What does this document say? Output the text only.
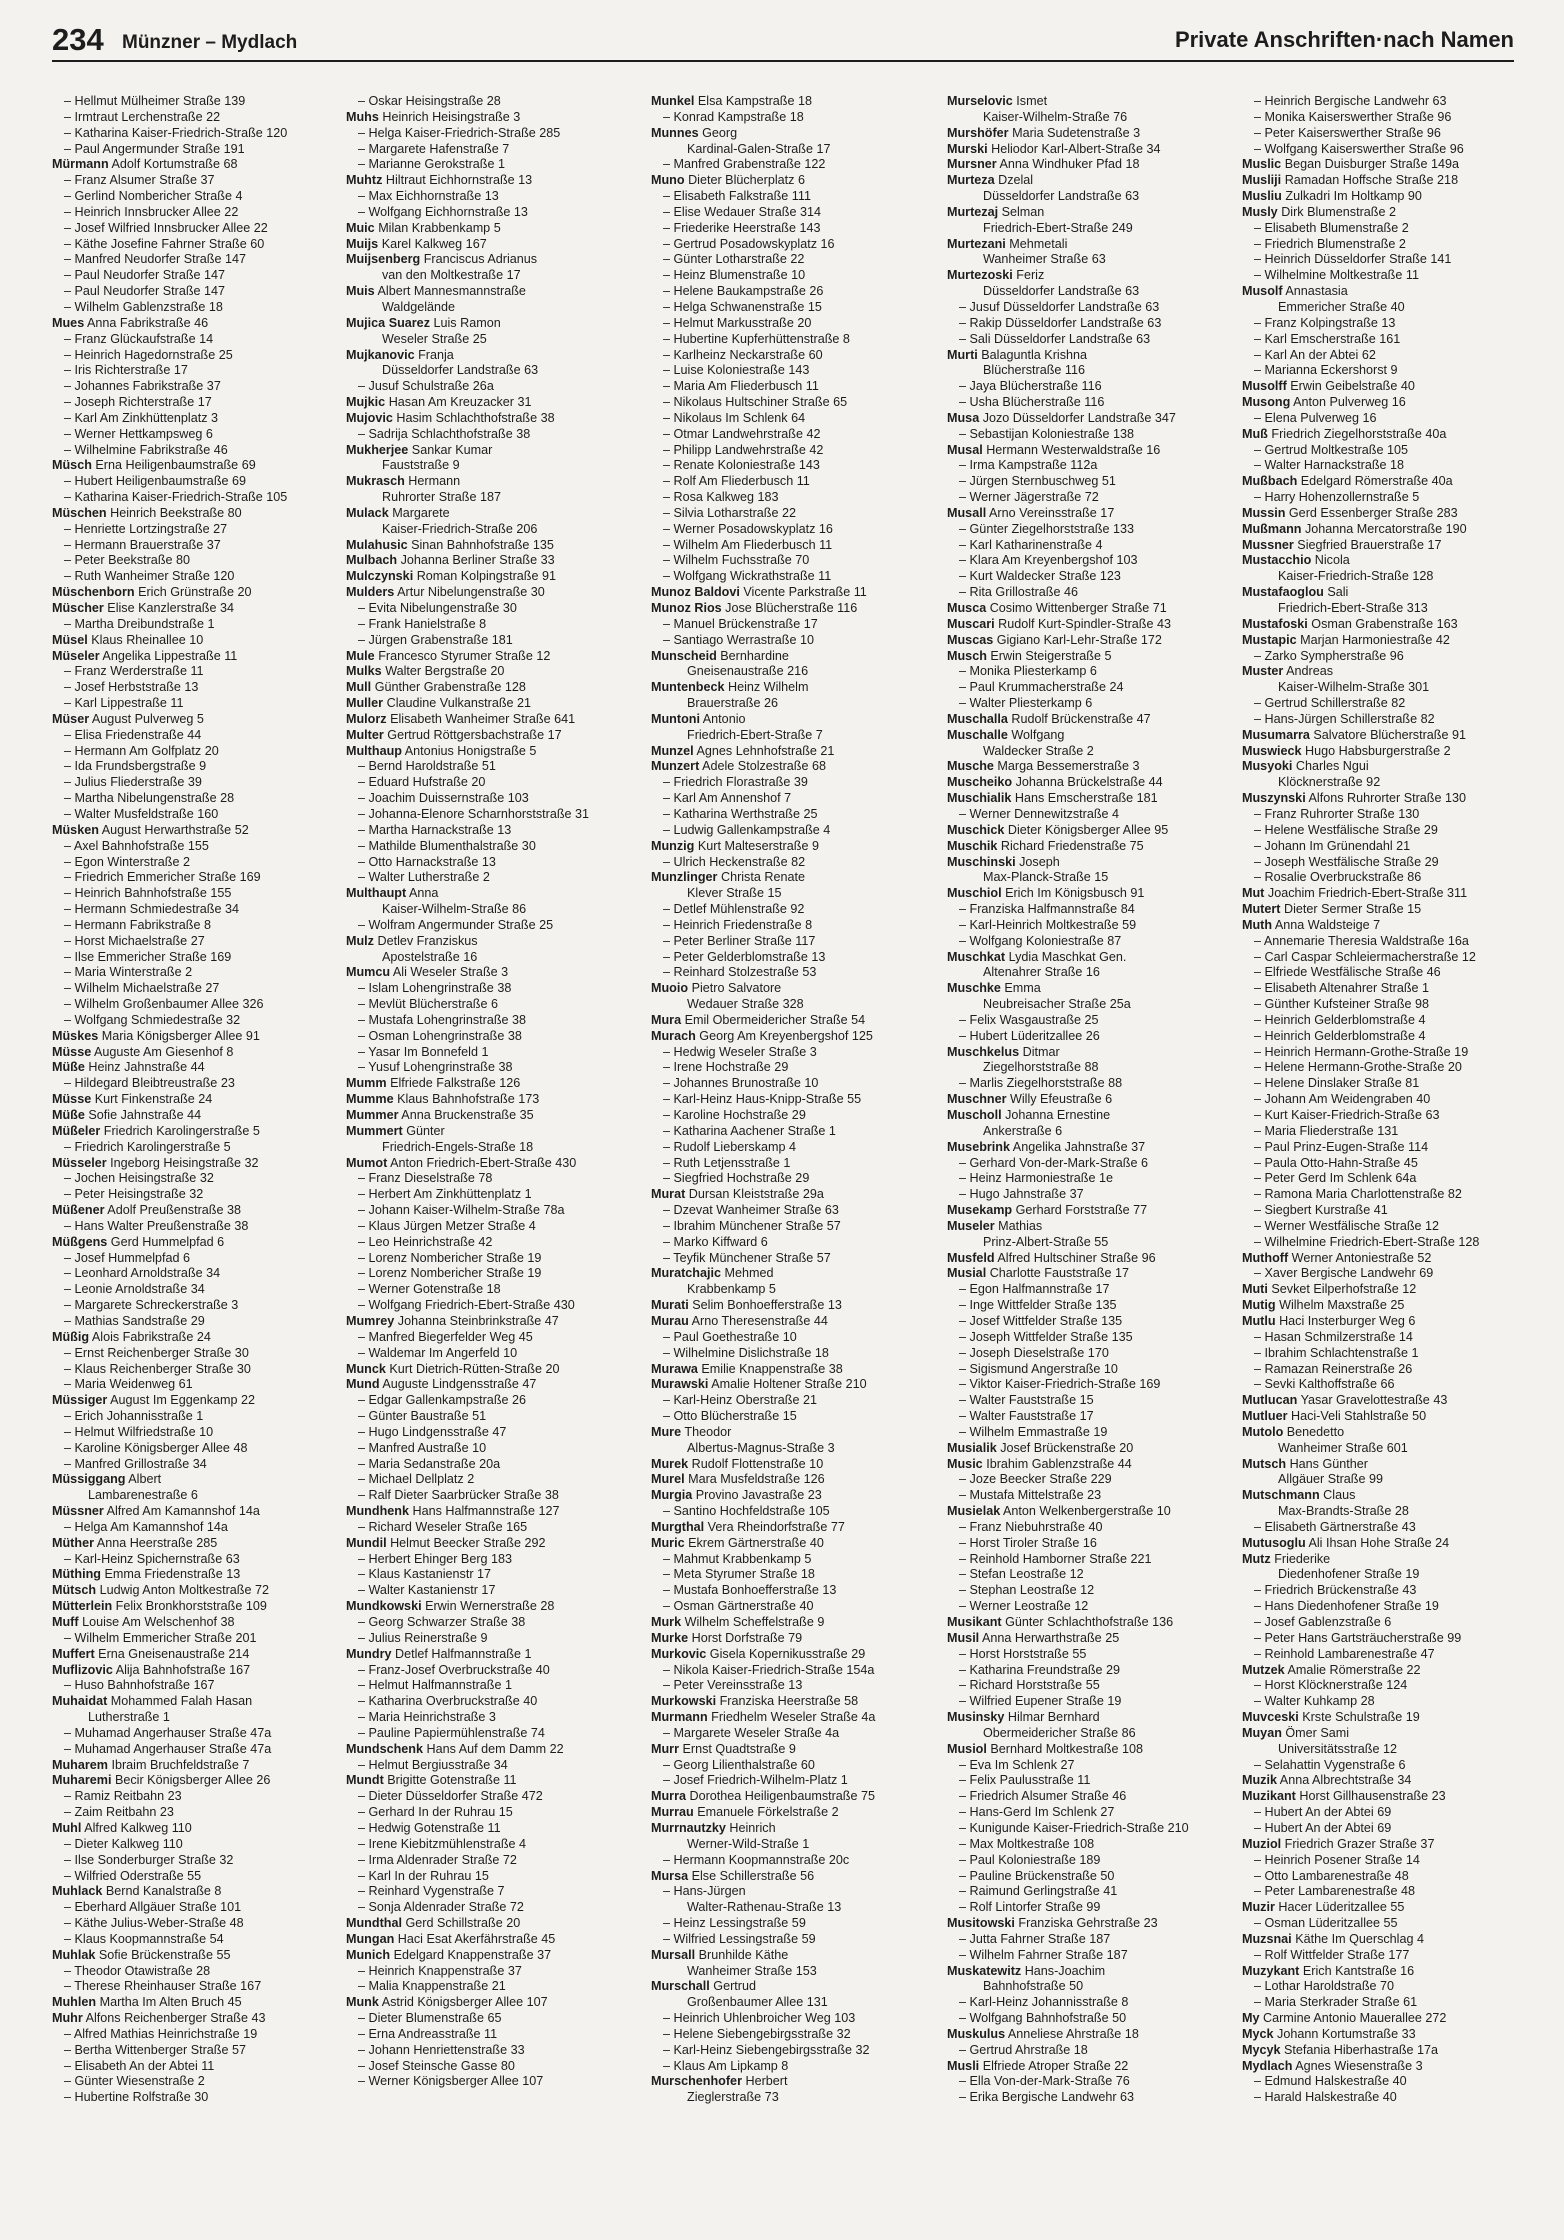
234 Münzner – Mydlach	Private Anschriften·nach Namen
– Hellmut Mülheimer Straße 139
– Irmtraut Lerchenstraße 22
– Katharina Kaiser-Friedrich-Straße 120
– Paul Angermunder Straße 191
Mürmann Adolf Kortumstraße 68
– Franz Alsumer Straße 37
– Gerlind Nombericher Straße 4
– Heinrich Innsbrucker Allee 22
– Josef Wilfried Innsbrucker Allee 22
– Käthe Josefine Fahrner Straße 60
– Manfred Neudorfer Straße 147
– Paul Neudorfer Straße 147
– Paul Neudorfer Straße 147
– Wilhelm Gablenzstraße 18
Mues Anna Fabrikstraße 46
– Franz Glückaufstraße 14
– Heinrich Hagedornstraße 25
– Iris Richterstraße 17
– Johannes Fabrikstraße 37
– Joseph Richterstraße 17
– Karl Am Zinkhüttenplatz 3
– Werner Hettkampsweg 6
– Wilhelmine Fabrikstraße 46
Müsch Erna Heiligenbaumstraße 69
– Hubert Heiligenbaumstraße 69
– Katharina Kaiser-Friedrich-Straße 105
Müschen Heinrich Beekstraße 80
– Henriette Lortzingstraße 27
– Hermann Brauerstraße 37
– Peter Beekstraße 80
– Ruth Wanheimer Straße 120
Müschenborn Erich Grünstraße 20
Müscher Elise Kanzlerstraße 34
– Martha Dreibundstraße 1
Müsel Klaus Rheinallee 10
Müseler Angelika Lippestraße 11
– Franz Werderstraße 11
– Josef Herbststraße 13
– Karl Lippestraße 11
Müser August Pulverweg 5
– Elisa Friedenstraße 44
– Hermann Am Golfplatz 20
– Ida Frundsbergstraße 9
– Julius Fliederstraße 39
– Martha Nibelungenstraße 28
– Walter Musfeldstraße 160
Müsken August Herwarthstraße 52
– Axel Bahnhofstraße 155
– Egon Winterstraße 2
– Friedrich Emmericher Straße 169
– Heinrich Bahnhofstraße 155
– Hermann Schmiedestraße 34
– Hermann Fabrikstraße 8
– Horst Michaelstraße 27
– Ilse Emmericher Straße 169
– Maria Winterstraße 2
– Wilhelm Michaelstraße 27
– Wilhelm Großenbaumer Allee 326
– Wolfgang Schmiedestraße 32
Müskes Maria Königsberger Allee 91
Müsse Auguste Am Giesenhof 8
Müße Heinz Jahnstraße 44
– Hildegard Bleibtreustraße 23
Müsse Kurt Finkenstraße 24
Müße Sofie Jahnstraße 44
Müßeler Friedrich Karolingerstraße 5
– Friedrich Karolingerstraße 5
Müsseler Ingeborg Heisingstraße 32
– Jochen Heisingstraße 32
– Peter Heisingstraße 32
Müßener Adolf Preußenstraße 38
– Hans Walter Preußenstraße 38
Müßgens Gerd Hummelpfad 6
– Josef Hummelpfad 6
– Leonhard Arnoldstraße 34
– Leonie Arnoldstraße 34
– Margarete Schreckerstraße 3
– Mathias Sandstraße 29
Müßig Alois Fabrikstraße 24
– Ernst Reichenberger Straße 30
– Klaus Reichenberger Straße 30
– Maria Weidenweg 61
Müssiger August Im Eggenkamp 22
– Erich Johannisstraße 1
– Helmut Wilfriedstraße 10
– Karoline Königsberger Allee 48
– Manfred Grillostraße 34
Müssiggang Albert
Lambarenestraße 6
Müssner Alfred Am Kamannshof 14a
– Helga Am Kamannshof 14a
Müther Anna Heerstraße 285
– Karl-Heinz Spichernstraße 63
Müthing Emma Friedenstraße 13
Mütsch Ludwig Anton Moltkestraße 72
Mütterlein Felix Bronkhorststraße 109
Muff Louise Am Welschenhof 38
– Wilhelm Emmericher Straße 201
Muffert Erna Gneisenaustraße 214
Muflizovic Alija Bahnhofstraße 167
– Huso Bahnhofstraße 167
Muhaidat Mohammed Falah Hasan
Lutherstraße 1
– Muhamad Angerhauser Straße 47a
– Muhamad Angerhauser Straße 47a
Muharem Ibraim Bruchfeldstraße 7
Muharemi Becir Königsberger Allee 26
– Ramiz Reitbahn 23
– Zaim Reitbahn 23
Muhl Alfred Kalkweg 110
– Dieter Kalkweg 110
– Ilse Sonderburger Straße 32
– Wilfried Oderstraße 55
Muhlack Bernd Kanalstraße 8
– Eberhard Allgäuer Straße 101
– Käthe Julius-Weber-Straße 48
– Klaus Koopmannstraße 54
Muhlak Sofie Brückenstraße 55
– Theodor Otawistraße 28
– Therese Rheinhauser Straße 167
Muhlen Martha Im Alten Bruch 45
Muhr Alfons Reichenberger Straße 43
– Alfred Mathias Heinrichstraße 19
– Bertha Wittenberger Straße 57
– Elisabeth An der Abtei 11
– Günter Wiesenstraße 2
– Hubertine Rolfstraße 30
– Oskar Heisingstraße 28
Muhs Heinrich Heisingstraße 3
– Helga Kaiser-Friedrich-Straße 285
– Margarete Hafenstraße 7
– Marianne Gerokstraße 1
Muhtz Hiltraut Eichhornstraße 13
– Max Eichhornstraße 13
– Wolfgang Eichhornstraße 13
Muic Milan Krabbenkamp 5
Muijs Karel Kalkweg 167
Muijsenberg Franciscus Adrianus
van den Moltkestraße 17
Muis Albert Mannesmannstraße
Waldgelände
Mujica Suarez Luis Ramon
Weseler Straße 25
Mujkanovic Franja
Düsseldorfer Landstraße 63
– Jusuf Schulstraße 26a
Mujkic Hasan Am Kreuzacker 31
Mujovic Hasim Schlachthofstraße 38
– Sadrija Schlachthofstraße 38
Mukherjee Sankar Kumar
Fauststraße 9
Mukrasch Hermann
Ruhrorter Straße 187
Mulack Margarete
Kaiser-Friedrich-Straße 206
Mulahusic Sinan Bahnhofstraße 135
Mulbach Johanna Berliner Straße 33
Mulczynski Roman Kolpingstraße 91
Mulders Artur Nibelungenstraße 30
– Evita Nibelungenstraße 30
– Frank Hanielstraße 8
– Jürgen Grabenstraße 181
Mule Francesco Styrumer Straße 12
Mulks Walter Bergstraße 20
Mull Günther Grabenstraße 128
Muller Claudine Vulkanstraße 21
Mulorz Elisabeth Wanheimer Straße 641
Multer Gertrud Röttgersbachstraße 17
Multhaup Antonius Honigstraße 5
– Bernd Haroldstraße 51
– Eduard Hufstraße 20
– Joachim Duissernstraße 103
– Johanna-Elenore Scharnhorststraße 31
– Martha Harnackstraße 13
– Mathilde Blumenthalstraße 30
– Otto Harnackstraße 13
– Walter Lutherstraße 2
Multhaupt Anna
Kaiser-Wilhelm-Straße 86
– Wolfram Angermunder Straße 25
Mulz Detlev Franziskus
Apostelstraße 16
Mumcu Ali Weseler Straße 3
– Islam Lohengrinstraße 38
– Mevlüt Blücherstraße 6
– Mustafa Lohengrinstraße 38
– Osman Lohengrinstraße 38
– Yasar Im Bonnefeld 1
– Yusuf Lohengrinstraße 38
Mumm Elfriede Falkstraße 126
Mumme Klaus Bahnhofstraße 173
Mummer Anna Bruckenstraße 35
Mummert Günter
Friedrich-Engels-Straße 18
Mumot Anton Friedrich-Ebert-Straße 430
– Franz Dieselstraße 78
– Herbert Am Zinkhüttenplatz 1
– Johann Kaiser-Wilhelm-Straße 78a
– Klaus Jürgen Metzer Straße 4
– Leo Heinrichstraße 42
– Lorenz Nombericher Straße 19
– Lorenz Nombericher Straße 19
– Werner Gotenstraße 18
– Wolfgang Friedrich-Ebert-Straße 430
Mumrey Johanna Steinbrinkstraße 47
– Manfred Biegerfelder Weg 45
– Waldemar Im Angerfeld 10
Munck Kurt Dietrich-Rütten-Straße 20
Mund Auguste Lindgensstraße 47
– Edgar Gallenkampstraße 26
– Günter Baustraße 51
– Hugo Lindgensstraße 47
– Manfred Austraße 10
– Maria Sedanstraße 20a
– Michael Dellplatz 2
– Ralf Dieter Saarbrücker Straße 38
Mundhenk Hans Halfmannstraße 127
– Richard Weseler Straße 165
Mundil Helmut Beecker Straße 292
– Herbert Ehinger Berg 183
– Klaus Kastanienstr 17
– Walter Kastanienstr 17
Mundkowski Erwin Wernerstraße 28
– Georg Schwarzer Straße 38
– Julius Reinerstraße 9
Mundry Detlef Halfmannstraße 1
– Franz-Josef Overbruckstraße 40
– Helmut Halfmannstraße 1
– Katharina Overbruckstraße 40
– Maria Heinrichstraße 3
– Pauline Papiermühlenstraße 74
Mundschenk Hans Auf dem Damm 22
– Helmut Bergiusstraße 34
Mundt Brigitte Gotenstraße 11
– Dieter Düsseldorfer Straße 472
– Gerhard In der Ruhrau 15
– Hedwig Gotenstraße 11
– Irene Kiebitzmühlenstraße 4
– Irma Aldenrader Straße 72
– Karl In der Ruhrau 15
– Reinhard Vygenstraße 7
– Sonja Aldenrader Straße 72
Mundthal Gerd Schillstraße 20
Mungan Haci Esat Akerfährstraße 45
Munich Edelgard Knappenstraße 37
– Heinrich Knappenstraße 37
– Malia Knappenstraße 21
Munk Astrid Königsberger Allee 107
– Dieter Blumenstraße 65
– Erna Andreasstraße 11
– Johann Henriettenstraße 33
– Josef Steinsche Gasse 80
– Werner Königsberger Allee 107
Munkel Elsa Kampstraße 18
– Konrad Kampstraße 18
Munnes Georg
Kardinal-Galen-Straße 17
– Manfred Grabenstraße 122
Muno Dieter Blücherplatz 6
– Elisabeth Falkstraße 111
– Elise Wedauer Straße 314
– Friederike Heerstraße 143
– Gertrud Posadowskyplatz 16
– Günter Lotharstraße 22
– Heinz Blumenstraße 10
– Helene Baukampstraße 26
– Helga Schwanenstraße 15
– Helmut Markusstraße 20
– Hubertine Kupferhüttenstraße 8
– Karlheinz Neckarstraße 60
– Luise Koloniestraße 143
– Maria Am Fliederbusch 11
– Nikolaus Hultschiner Straße 65
– Nikolaus Im Schlenk 64
– Otmar Landwehrstraße 42
– Philipp Landwehrstraße 42
– Renate Koloniestraße 143
– Rolf Am Fliederbusch 11
– Rosa Kalkweg 183
– Silvia Lotharstraße 22
– Werner Posadowskyplatz 16
– Wilhelm Am Fliederbusch 11
– Wilhelm Fuchsstraße 70
– Wolfgang Wickrathstraße 11
Munoz Baldovi Vicente Parkstraße 11
Munoz Rios Jose Blücherstraße 116
– Manuel Brückenstraße 17
– Santiago Werrastraße 10
Munscheid Bernhardine
Gneisenaustraße 216
Muntenbeck Heinz Wilhelm
Brauerstraße 26
Muntoni Antonio
Friedrich-Ebert-Straße 7
Munzel Agnes Lehnhofstraße 21
Munzert Adele Stolzestraße 68
– Friedrich Florastraße 39
– Karl Am Annenshof 7
– Katharina Werthstraße 25
– Ludwig Gallenkampstraße 4
Munzig Kurt Malteserstraße 9
– Ulrich Heckenstraße 82
Munzlinger Christa Renate
Klever Straße 15
– Detlef Mühlenstraße 92
– Heinrich Friedenstraße 8
– Peter Berliner Straße 117
– Peter Gelderblomstraße 13
– Reinhard Stolzestraße 53
Muoio Pietro Salvatore
Wedauer Straße 328
Mura Emil Obermeidericher Straße 54
Murach Georg Am Kreyenbergshof 125
– Hedwig Weseler Straße 3
– Irene Hochstraße 29
– Johannes Brunostraße 10
– Karl-Heinz Haus-Knipp-Straße 55
– Karoline Hochstraße 29
– Katharina Aachener Straße 1
– Rudolf Lieberskamp 4
– Ruth Letjensstraße 1
– Siegfried Hochstraße 29
Murat Dursan Kleiststraße 29a
– Dzevat Wanheimer Straße 63
– Ibrahim Münchener Straße 57
– Marko Kiffward 6
– Teyfik Münchener Straße 57
Muratchajic Mehmed
Krabbenkamp 5
Murati Selim Bonhoefferstraße 13
Murau Arno Theresenstraße 44
– Paul Goethestraße 10
– Wilhelmine Dislichstraße 18
Murawa Emilie Knappenstraße 38
Murawski Amalie Holtener Straße 210
– Karl-Heinz Oberstraße 21
– Otto Blücherstraße 15
Mure Theodor
Albertus-Magnus-Straße 3
Murek Rudolf Flottenstraße 10
Murel Mara Musfeldstraße 126
Murgia Provino Javastraße 23
– Santino Hochfeldstraße 105
Murgthal Vera Rheindorfstraße 77
Muric Ekrem Gärtnerstraße 40
– Mahmut Krabbenkamp 5
– Meta Styrumer Straße 18
– Mustafa Bonhoefferstraße 13
– Osman Gärtnerstraße 40
Murk Wilhelm Scheffelstraße 9
Murke Horst Dorfstraße 79
Murkovic Gisela Kopernikusstraße 29
– Nikola Kaiser-Friedrich-Straße 154a
– Peter Vereinsstraße 13
Murkowski Franziska Heerstraße 58
Murmann Friedhelm Weseler Straße 4a
– Margarete Weseler Straße 4a
Murr Ernst Quadtstraße 9
– Georg Lilienthalstraße 60
– Josef Friedrich-Wilhelm-Platz 1
Murra Dorothea Heiligenbaumstraße 75
Murrau Emanuele Förkelstraße 2
Murrnautzky Heinrich
Werner-Wild-Straße 1
– Hermann Koopmannstraße 20c
Mursa Else Schillerstraße 56
– Hans-Jürgen
Walter-Rathenau-Straße 13
– Heinz Lessingstraße 59
– Wilfried Lessingstraße 59
Mursall Brunhilde Käthe
Wanheimer Straße 153
Murschall Gertrud
Großenbaumer Allee 131
– Heinrich Uhlenbroicher Weg 103
– Helene Siebengebirgsstraße 32
– Karl-Heinz Siebengebirgsstraße 32
– Klaus Am Lipkamp 8
Murschenhofer Herbert
Zieglerstraße 73
Murselovic Ismet
Kaiser-Wilhelm-Straße 76
Murshöfer Maria Sudetenstraße 3
Murski Heliodor Karl-Albert-Straße 34
Mursner Anna Windhuker Pfad 18
Murteza Dzelal
Düsseldorfer Landstraße 63
Murtezaj Selman
Friedrich-Ebert-Straße 249
Murtezani Mehmetali
Wanheimer Straße 63
Murtezoski Feriz
Düsseldorfer Landstraße 63
– Jusuf Düsseldorfer Landstraße 63
– Rakip Düsseldorfer Landstraße 63
– Sali Düsseldorfer Landstraße 63
Murti Balaguntla Krishna
Blücherstraße 116
– Jaya Blücherstraße 116
– Usha Blücherstraße 116
Musa Jozo Düsseldorfer Landstraße 347
– Sebastijan Koloniestraße 138
Musal Hermann Westerwaldstraße 16
– Irma Kampstraße 112a
– Jürgen Sternbuschweg 51
– Werner Jägerstraße 72
Musall Arno Vereinsstraße 17
– Günter Ziegelhorststraße 133
– Karl Katharinenstraße 4
– Klara Am Kreyenbergshof 103
– Kurt Waldecker Straße 123
– Rita Grillostraße 46
Musca Cosimo Wittenberger Straße 71
Muscari Rudolf Kurt-Spindler-Straße 43
Muscas Gigiano Karl-Lehr-Straße 172
Musch Erwin Steigerstraße 5
– Monika Pliesterkamp 6
– Paul Krummacherstraße 24
– Walter Pliesterkamp 6
Muschalla Rudolf Brückenstraße 47
Muschalle Wolfgang
Waldecker Straße 2
Musche Marga Bessemerstraße 3
Muscheiko Johanna Brückelstraße 44
Muschialik Hans Emscherstraße 181
– Werner Dennewitzstraße 4
Muschick Dieter Königsberger Allee 95
Muschik Richard Friedenstraße 75
Muschinski Joseph
Max-Planck-Straße 15
Muschiol Erich Im Königsbusch 91
– Franziska Halfmannstraße 84
– Karl-Heinrich Moltkestraße 59
– Wolfgang Koloniestraße 87
Muschkat Lydia Maschkat Gen.
Altenahrer Straße 16
Muschke Emma
Neubreisacher Straße 25a
– Felix Wasgaustraße 25
– Hubert Lüderitzallee 26
Muschkelus Ditmar
Ziegelhorststraße 88
– Marlis Ziegelhorststraße 88
Muschner Willy Efeustraße 6
Muscholl Johanna Ernestine
Ankerstraße 6
Musebrink Angelika Jahnstraße 37
– Gerhard Von-der-Mark-Straße 6
– Heinz Harmoniestraße 1e
– Hugo Jahnstraße 37
Musekamp Gerhard Forststraße 77
Museler Mathias
Prinz-Albert-Straße 55
Musfeld Alfred Hultschiner Straße 96
Musial Charlotte Fauststraße 17
– Egon Halfmannstraße 17
– Inge Wittfelder Straße 135
– Josef Wittfelder Straße 135
– Joseph Wittfelder Straße 135
– Joseph Dieselstraße 170
– Sigismund Angerstraße 10
– Viktor Kaiser-Friedrich-Straße 169
– Walter Fauststraße 15
– Walter Fauststraße 17
– Wilhelm Emmastraße 19
Musialik Josef Brückenstraße 20
Music Ibrahim Gablenzstraße 44
– Joze Beecker Straße 229
– Mustafa Mittelstraße 23
Musielak Anton Welkenbergerstraße 10
– Franz Niebuhrstraße 40
– Horst Tiroler Straße 16
– Reinhold Hamborner Straße 221
– Stefan Leostraße 12
– Stephan Leostraße 12
– Werner Leostraße 12
Musikant Günter Schlachthofstraße 136
Musil Anna Herwarthstraße 25
– Horst Horststraße 55
– Katharina Freundstraße 29
– Richard Horststraße 55
– Wilfried Eupener Straße 19
Musinsky Hilmar Bernhard
Obermeidericher Straße 86
Musiol Bernhard Moltkestraße 108
– Eva Im Schlenk 27
– Felix Paulusstraße 11
– Friedrich Alsumer Straße 46
– Hans-Gerd Im Schlenk 27
– Kunigunde Kaiser-Friedrich-Straße 210
– Max Moltkestraße 108
– Paul Koloniestraße 189
– Pauline Brückenstraße 50
– Raimund Gerlingstraße 41
– Rolf Lintorfer Straße 99
Musitowski Franziska Gehrstraße 23
– Jutta Fahrner Straße 187
– Wilhelm Fahrner Straße 187
Muskatewitz Hans-Joachim
Bahnhofstraße 50
– Karl-Heinz Johannisstraße 8
– Wolfgang Bahnhofstraße 50
Muskulus Anneliese Ahrstraße 18
– Gertrud Ahrstraße 18
Musli Elfriede Atroper Straße 22
– Ella Von-der-Mark-Straße 76
– Erika Bergische Landwehr 63
– Heinrich Bergische Landwehr 63
– Monika Kaiserswerther Straße 96
– Peter Kaiserswerther Straße 96
– Wolfgang Kaiserswerther Straße 96
Muslic Began Duisburger Straße 149a
Musliji Ramadan Hoffsche Straße 218
Musliu Zulkadri Im Holtkamp 90
Musly Dirk Blumenstraße 2
– Elisabeth Blumenstraße 2
– Friedrich Blumenstraße 2
– Heinrich Düsseldorfer Straße 141
– Wilhelmine Moltkestraße 11
Musolf Annastasia
Emmericher Straße 40
– Franz Kolpingstraße 13
– Karl Emscherstraße 161
– Karl An der Abtei 62
– Marianna Eckershorst 9
Musolff Erwin Geibelstraße 40
Musong Anton Pulverweg 16
– Elena Pulverweg 16
Muß Friedrich Ziegelhorststraße 40a
– Gertrud Moltkestraße 105
– Walter Harnackstraße 18
Mußbach Edelgard Römerstraße 40a
– Harry Hohenzollernstraße 5
Mussin Gerd Essenberger Straße 283
Mußmann Johanna Mercatorstraße 190
Mussner Siegfried Brauerstraße 17
Mustacchio Nicola
Kaiser-Friedrich-Straße 128
Mustafaoglou Sali
Friedrich-Ebert-Straße 313
Mustafoski Osman Grabenstraße 163
Mustapic Marjan Harmoniestraße 42
– Zarko Sympherstraße 96
Muster Andreas
Kaiser-Wilhelm-Straße 301
– Gertrud Schillerstraße 82
– Hans-Jürgen Schillerstraße 82
Musumarra Salvatore Blücherstraße 91
Muswieck Hugo Habsburgerstraße 2
Musyoki Charles Ngui
Klöcknerstraße 92
Muszynski Alfons Ruhrorter Straße 130
– Franz Ruhrorter Straße 130
– Helene Westfälische Straße 29
– Johann Im Grünendahl 21
– Joseph Westfälische Straße 29
– Rosalie Overbruckstraße 86
Mut Joachim Friedrich-Ebert-Straße 311
Mutert Dieter Sermer Straße 15
Muth Anna Waldsteige 7
– Annemarie Theresia Waldstraße 16a
– Carl Caspar Schleiermacherstraße 12
– Elfriede Westfälische Straße 46
– Elisabeth Altenahrer Straße 1
– Günther Kufsteiner Straße 98
– Heinrich Gelderblomstraße 4
– Heinrich Gelderblomstraße 4
– Heinrich Hermann-Grothe-Straße 19
– Helene Hermann-Grothe-Straße 20
– Helene Dinslaker Straße 81
– Johann Am Weidengraben 40
– Kurt Kaiser-Friedrich-Straße 63
– Maria Fliederstraße 131
– Paul Prinz-Eugen-Straße 114
– Paula Otto-Hahn-Straße 45
– Peter Gerd Im Schlenk 64a
– Ramona Maria Charlottenstraße 82
– Siegbert Kurstraße 41
– Werner Westfälische Straße 12
– Wilhelmine Friedrich-Ebert-Straße 128
Muthoff Werner Antoniestraße 52
– Xaver Bergische Landwehr 69
Muti Sevket Eilperhofstraße 12
Mutig Wilhelm Maxstraße 25
Mutlu Haci Insterburger Weg 6
– Hasan Schmilzerstraße 14
– Ibrahim Schlachtenstraße 1
– Ramazan Reinerstraße 26
– Sevki Kalthoffstraße 66
Mutlucan Yasar Gravelottestraße 43
Mutluer Haci-Veli Stahlstraße 50
Mutolo Benedetto
Wanheimer Straße 601
Mutsch Hans Günther
Allgäuer Straße 99
Mutschmann Claus
Max-Brandts-Straße 28
– Elisabeth Gärtnerstraße 43
Mutusoglu Ali Ihsan Hohe Straße 24
Mutz Friederike
Diedenhofener Straße 19
– Friedrich Brückenstraße 43
– Hans Diedenhofener Straße 19
– Josef Gablenzstraße 6
– Peter Hans Gartsträucherstraße 99
– Reinhold Lambarenestraße 47
Mutzek Amalie Römerstraße 22
– Horst Klöcknerstraße 124
– Walter Kuhkamp 28
Muvceski Krste Schulstraße 19
Muyan Ömer Sami
Universitätsstraße 12
– Selahattin Vygenstraße 6
Muzik Anna Albrechtstraße 34
Muzikant Horst Gillhausenstraße 23
– Hubert An der Abtei 69
– Hubert An der Abtei 69
Muziol Friedrich Grazer Straße 37
– Heinrich Posener Straße 14
– Otto Lambarenestraße 48
– Peter Lambarenestraße 48
Muzir Hacer Lüderitzallee 55
– Osman Lüderitzallee 55
Muzsnai Käthe Im Querschlag 4
– Rolf Wittfelder Straße 177
Muzykant Erich Kantstraße 16
– Lothar Haroldstraße 70
– Maria Sterkrader Straße 61
My Carmine Antonio Mauerallee 272
Myck Johann Kortumstraße 33
Mycyk Stefania Hiberhastraße 17a
Mydlach Agnes Wiesenstraße 3
– Edmund Halskestraße 40
– Harald Halskestraße 40
